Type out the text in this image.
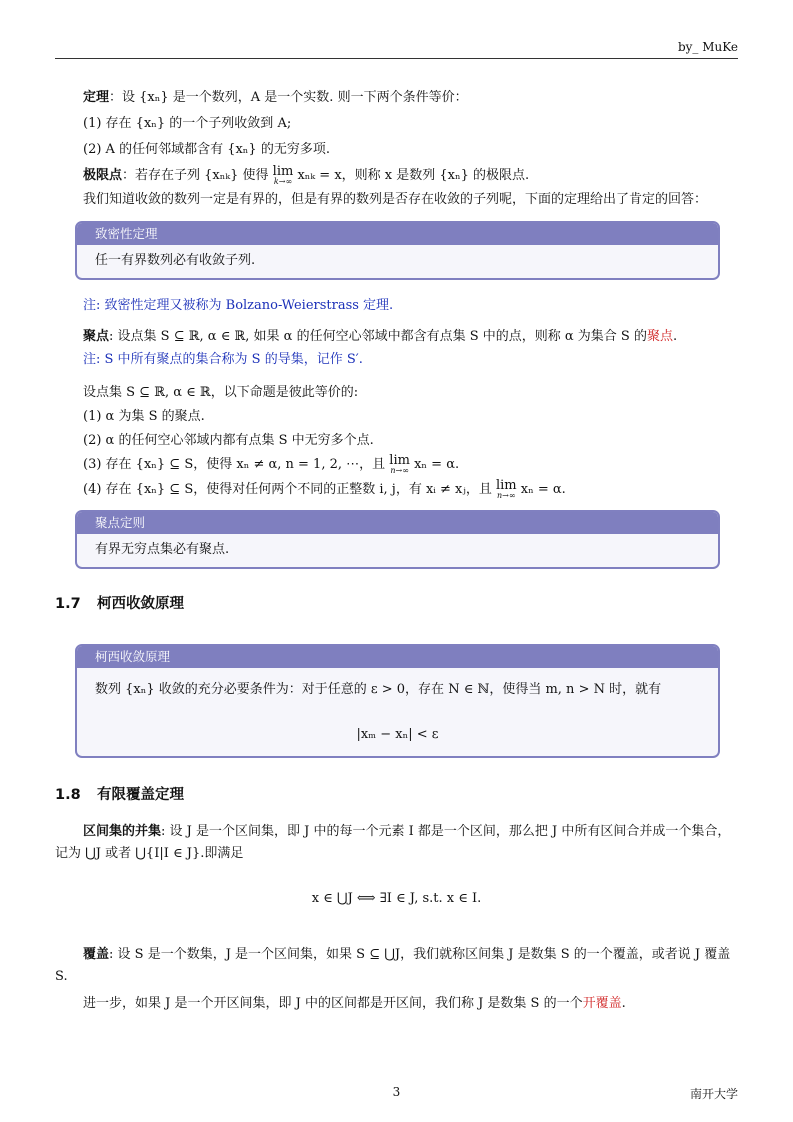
by_ MuKe

定理：设 {xₙ} 是一个数列，A 是一个实数. 则一下两个条件等价：

(1) 存在 {xₙ} 的一个子列收敛到 A;

(2) A 的任何邻域都含有 {xₙ} 的无穷多项.

极限点：若存在子列 {xₙₖ} 使得 lim
k→∞ xₙₖ = x，则称 x 是数列 {xₙ} 的极限点.

我们知道收敛的数列一定是有界的，但是有界的数列是否存在收敛的子列呢，下面的定理给出了肯定的回答：

致密性定理
任一有界数列必有收敛子列.

注: 致密性定理又被称为 Bolzano-Weierstrass 定理.

聚点: 设点集 S ⊆ ℝ, α ∈ ℝ, 如果 α 的任何空心邻域中都含有点集 S 中的点，则称 α 为集合 S 的聚点.

注: S 中所有聚点的集合称为 S 的导集，记作 S′.

设点集 S ⊆ ℝ, α ∈ ℝ，以下命题是彼此等价的:

(1) α 为集 S 的聚点.

(2) α 的任何空心邻域内都有点集 S 中无穷多个点.

(3) 存在 {xₙ} ⊆ S，使得 xₙ ≠ α, n = 1, 2, ⋯，且 lim
n→∞ xₙ = α.

(4) 存在 {xₙ} ⊆ S，使得对任何两个不同的正整数 i, j，有 xᵢ ≠ xⱼ，且 lim
n→∞ xₙ = α.

聚点定则
有界无穷点集必有聚点.
1.7 柯西收敛原理
柯西收敛原理

数列 {xₙ} 收敛的充分必要条件为：对于任意的 ε > 0，存在 N ∈ ℕ，使得当 m, n > N 时，就有

|xₘ − xₙ| < ε

1.8 有限覆盖定理

区间集的并集: 设 J 是一个区间集，即 J 中的每一个元素 I 都是一个区间，那么把 J 中所有区间合并成一个集合，记为 ⋃J 或者 ⋃{I|I ∈ J}.即满足

x ∈ ⋃J ⟺ ∃I ∈ J, s.t. x ∈ I.

覆盖: 设 S 是一个数集，J 是一个区间集，如果 S ⊆ ⋃J，我们就称区间集 J 是数集 S 的一个覆盖，或者说 J 覆盖 S.

进一步，如果 J 是一个开区间集，即 J 中的区间都是开区间，我们称 J 是数集 S 的一个开覆盖.

3	南开大学
